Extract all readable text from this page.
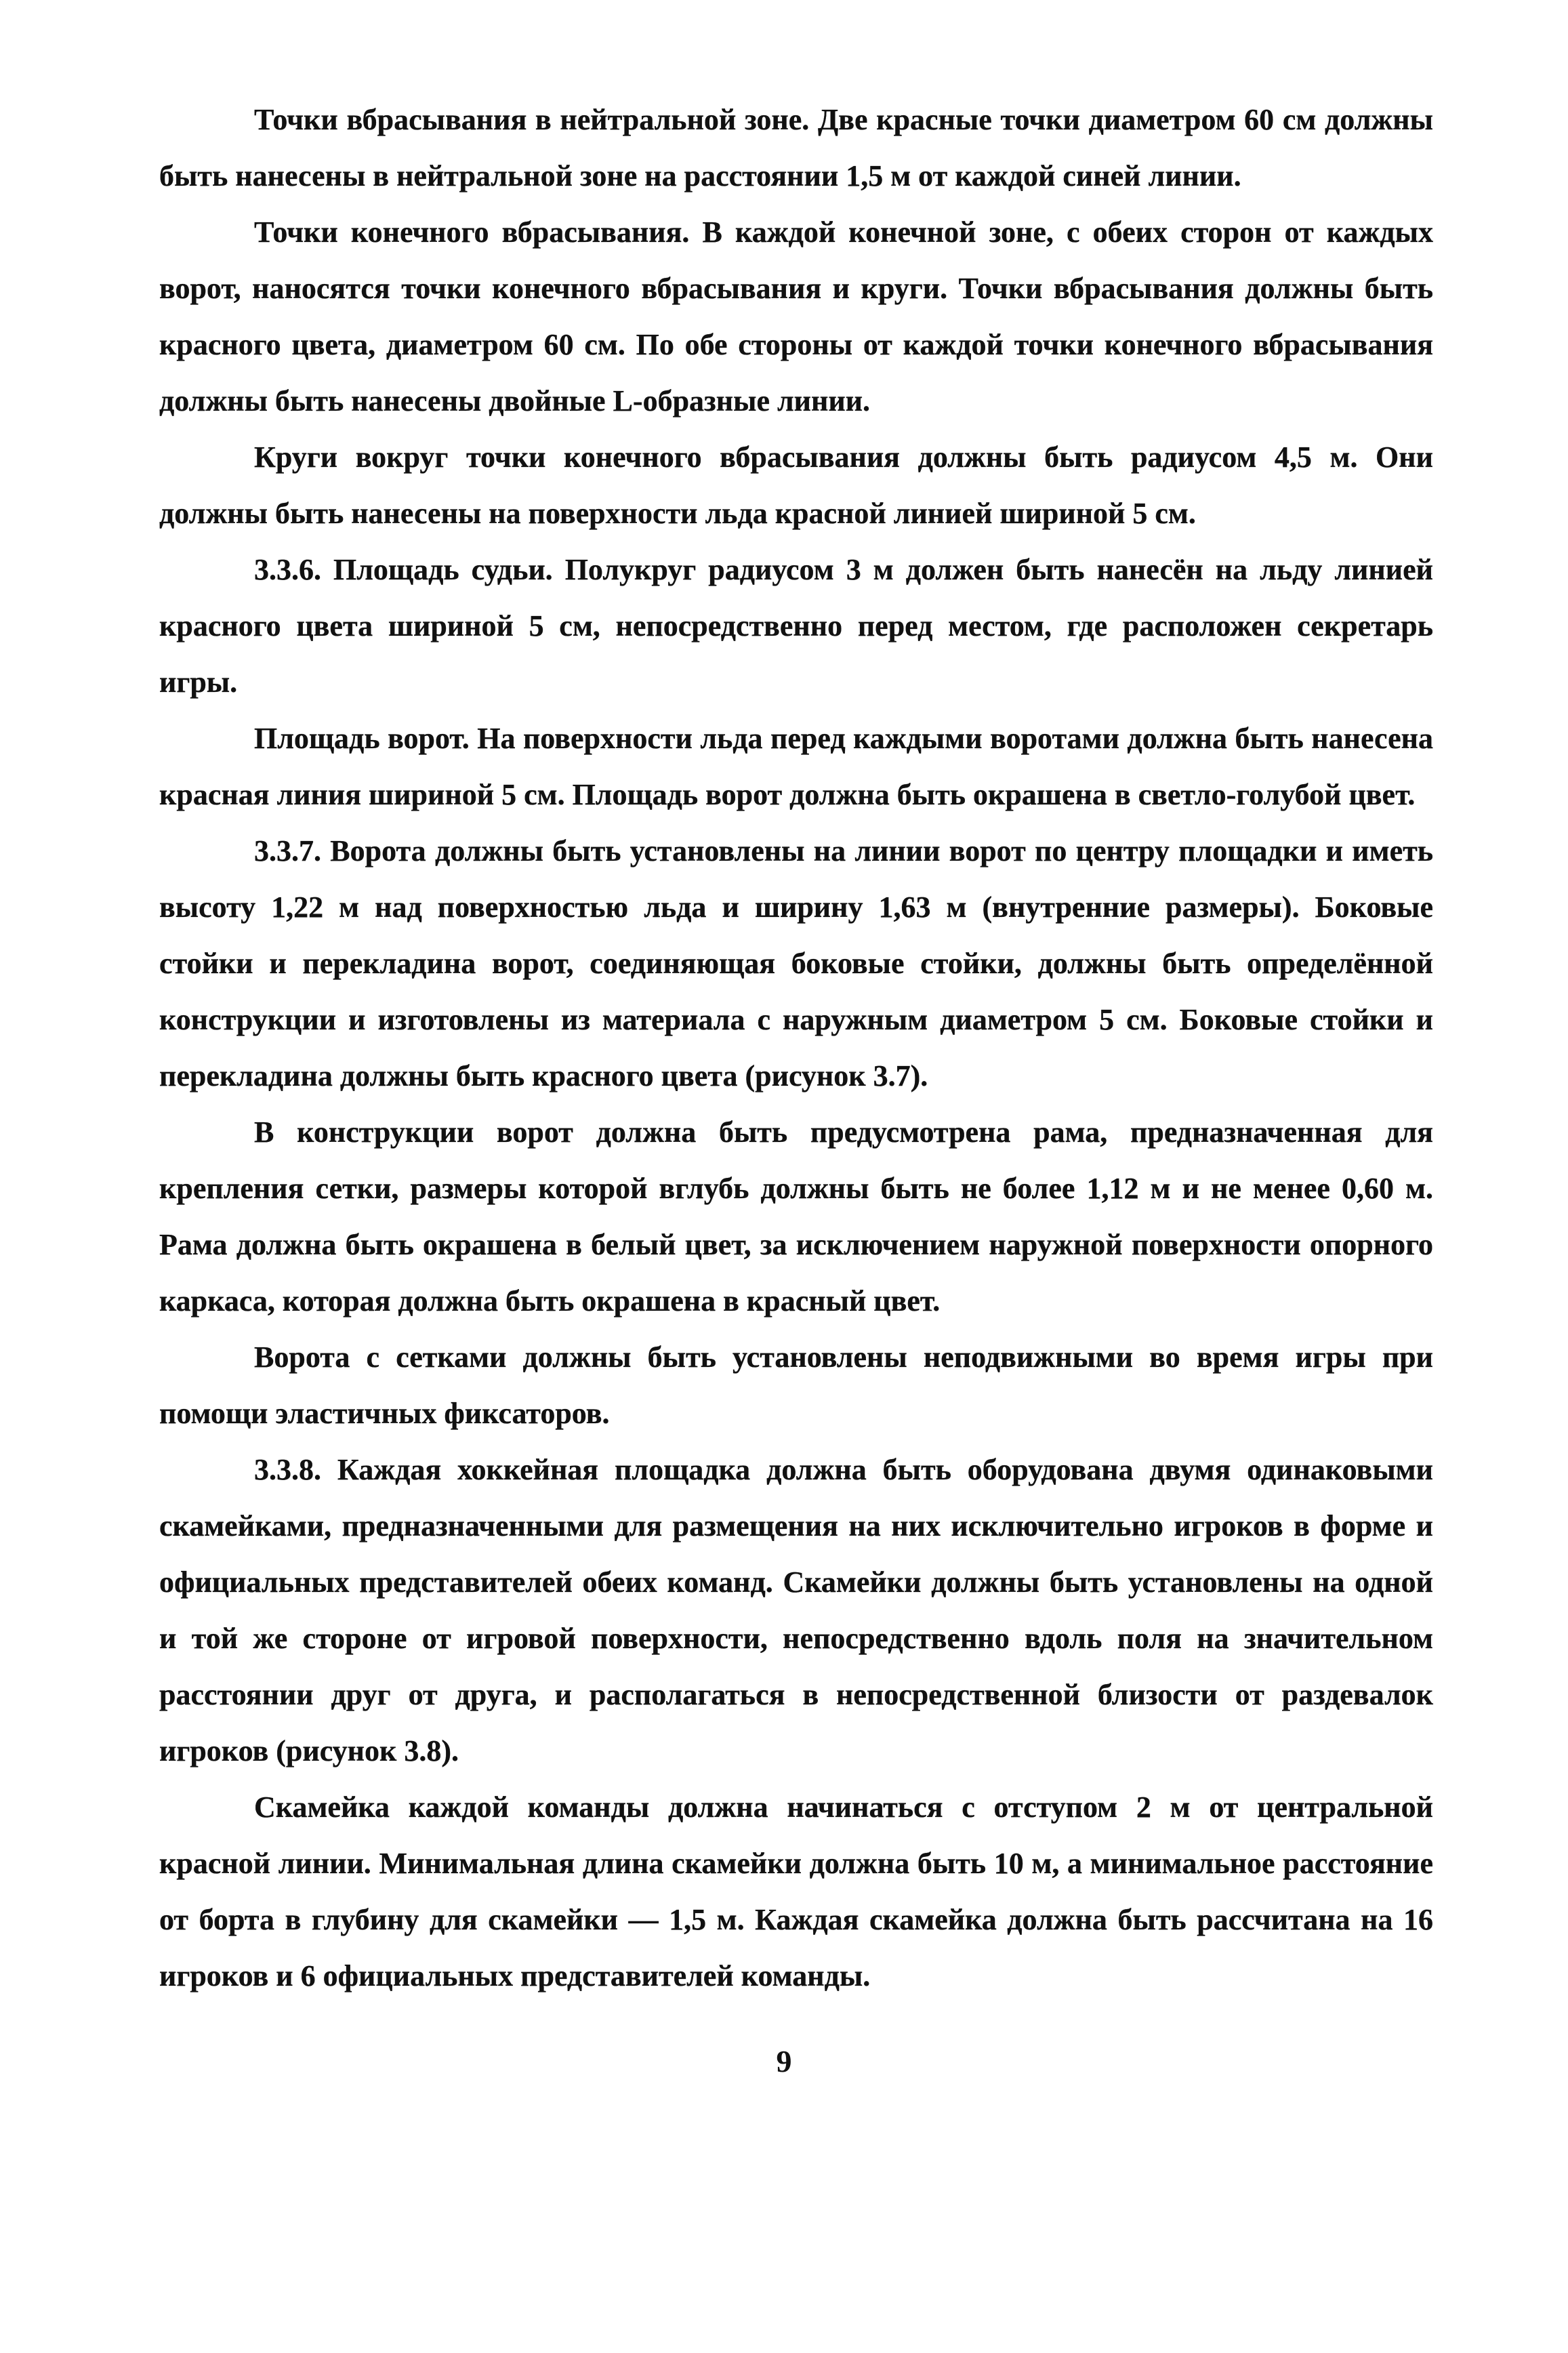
Точки вбрасывания в нейтральной зоне. Две красные точки диаметром 60 см должны быть нанесены в нейтральной зоне на расстоянии 1,5 м от каждой синей линии.

Точки конечного вбрасывания. В каждой конечной зоне, с обеих сторон от каждых ворот, наносятся точки конечного вбрасывания и круги. Точки вбрасывания должны быть красного цвета, диаметром 60 см. По обе стороны от каждой точки конечного вбрасывания должны быть нанесены двойные L-образные линии.

Круги вокруг точки конечного вбрасывания должны быть радиусом 4,5 м. Они должны быть нанесены на поверхности льда красной линией шириной 5 см.

3.3.6. Площадь судьи. Полукруг радиусом 3 м должен быть нанесён на льду линией красного цвета шириной 5 см, непосредственно перед местом, где расположен секретарь игры.

Площадь ворот. На поверхности льда перед каждыми воротами должна быть нанесена красная линия шириной 5 см. Площадь ворот должна быть окрашена в светло-голубой цвет.

3.3.7. Ворота должны быть установлены на линии ворот по центру площадки и иметь высоту 1,22 м над поверхностью льда и ширину 1,63 м (внутренние размеры). Боковые стойки и перекладина ворот, соединяющая боковые стойки, должны быть определённой конструкции и изготовлены из материала с наружным диаметром 5 см. Боковые стойки и перекладина должны быть красного цвета (рисунок 3.7).

В конструкции ворот должна быть предусмотрена рама, предназначенная для крепления сетки, размеры которой вглубь должны быть не более 1,12 м и не менее 0,60 м. Рама должна быть окрашена в белый цвет, за исключением наружной поверхности опорного каркаса, которая должна быть окрашена в красный цвет.

Ворота с сетками должны быть установлены неподвижными во время игры при помощи эластичных фиксаторов.

3.3.8. Каждая хоккейная площадка должна быть оборудована двумя одинаковыми скамейками, предназначенными для размещения на них исключительно игроков в форме и официальных представителей обеих команд. Скамейки должны быть установлены на одной и той же стороне от игровой поверхности, непосредственно вдоль поля на значительном расстоянии друг от друга, и располагаться в непосредственной близости от раздевалок игроков (рисунок 3.8).

Скамейка каждой команды должна начинаться с отступом 2 м от центральной красной линии. Минимальная длина скамейки должна быть 10 м, а минимальное расстояние от борта в глубину для скамейки — 1,5 м. Каждая скамейка должна быть рассчитана на 16 игроков и 6 официальных представителей команды.

9
